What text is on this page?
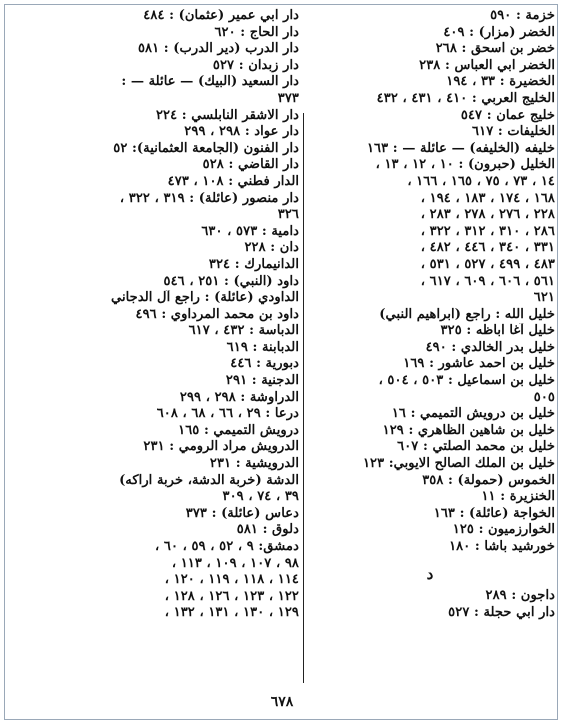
خزمة : ٥٩٠
الخضر (مزار) : ٤٠٩
خضر بن اسحق : ٢٦٨
الخضر ابي العباس : ٢٣٨
الخضيرة : ٣٣ ، ١٩٤
الخليج العربي : ٤١٠ ، ٤٣١ ، ٤٣٢
خليج عمان : ٥٤٧
الخليفات : ٦١٧
خليفه (الخليفه) — عائلة — : ١٦٣
الخليل (حبرون) : ١٠ ، ١٢ ، ١٣ ،
١٤ ، ٧٣ ، ٧٥ ، ١٦٥ ، ١٦٦ ،
١٦٨ ، ١٧٤ ، ١٨٣ ، ١٩٤ ،
٢٢٨ ، ٢٧٦ ، ٢٧٨ ، ٢٨٣ ،
٢٨٦ ، ٣١٠ ، ٣١٢ ، ٣٢٢ ،
٣٣١ ، ٣٤٠ ، ٤٤٦ ، ٤٨٢ ،
٤٨٣ ، ٤٩٩ ، ٥٢٧ ، ٥٣١ ،
٥٦١ ، ٦٠٦ ، ٦٠٩ ، ٦١٧ ،
٦٢١
خليل الله : راجع (ابراهيم النبي)
خليل آغا اباظه : ٣٢٥
خليل بدر الخالدي : ٤٩٠
خليل بن احمد عاشور : ١٦٩
خليل بن اسماعيل : ٥٠٣ ، ٥٠٤ ،
٥٠٥
خليل بن درويش التميمي : ١٦
خليل بن شاهين الظاهري : ١٢٩
خليل بن محمد الصلتي : ٦٠٧
خليل بن الملك الصالح الايوبي: ١٢٣
الخموس (حمولة) : ٣٥٨
الخنزيرة : ١١
الخواجة (عائلة) : ١٦٣
الخوارزميون : ١٢٥
خورشيد باشا : ١٨٠
د
داجون : ٢٨٩
دار ابي حجلة : ٥٢٧
دار ابي عمير (عثمان) : ٤٨٤
دار الحاج : ٦٢٠
دار الدرب (دير الدرب) : ٥٨١
دار زبدان : ٥٢٧
دار السعيد (البيك) — عائلة — :
٣٧٣
دار الاشقر النابلسي : ٢٢٤
دار عواد : ٢٩٨ ، ٢٩٩
دار الفنون (الجامعة العثمانية): ٥٢
دار القاضي : ٥٢٨
الدار فطني : ١٠٨ ، ٤٧٣
دار منصور (عائلة) : ٣١٩ ، ٣٢٢ ،
٣٢٦
دامية : ٥٧٣ ، ٦٣٠
دان : ٢٢٨
الدانيمارك : ٣٢٤
داود (النبي) : ٢٥١ ، ٥٤٦
الداودي (عائلة) : راجع آل الدجاني
داود بن محمد المرداوي : ٤٩٦
الدباسة : ٤٣٢ ، ٦١٧
الدبابنة : ٦١٩
دبورية : ٤٤٦
الدجنية : ٢٩١
الدراوشة : ٢٩٨ ، ٢٩٩
درعا : ٢٩ ، ٦٦ ، ٦٨ ، ٦٠٨
درويش التميمي : ١٦٥
الدرويش مراد الرومي : ٢٣١
الدرويشية : ٢٣١
الدشة (خربة الدشة، خربة اراكه)
٣٩ ، ٧٤ ، ٣٠٩
دعاس (عائلة) : ٣٧٣
دلوق : ٥٨١
دمشق: ٩ ، ٥٢ ، ٥٩ ، ٦٠ ،
٩٨ ، ١٠٧ ، ١٠٩ ، ١١٣ ،
١١٤ ، ١١٨ ، ١١٩ ، ١٢٠ ،
١٢٢ ، ١٢٣ ، ١٢٦ ، ١٢٨ ،
١٢٩ ، ١٣٠ ، ١٣١ ، ١٣٢ ،
٦٧٨
